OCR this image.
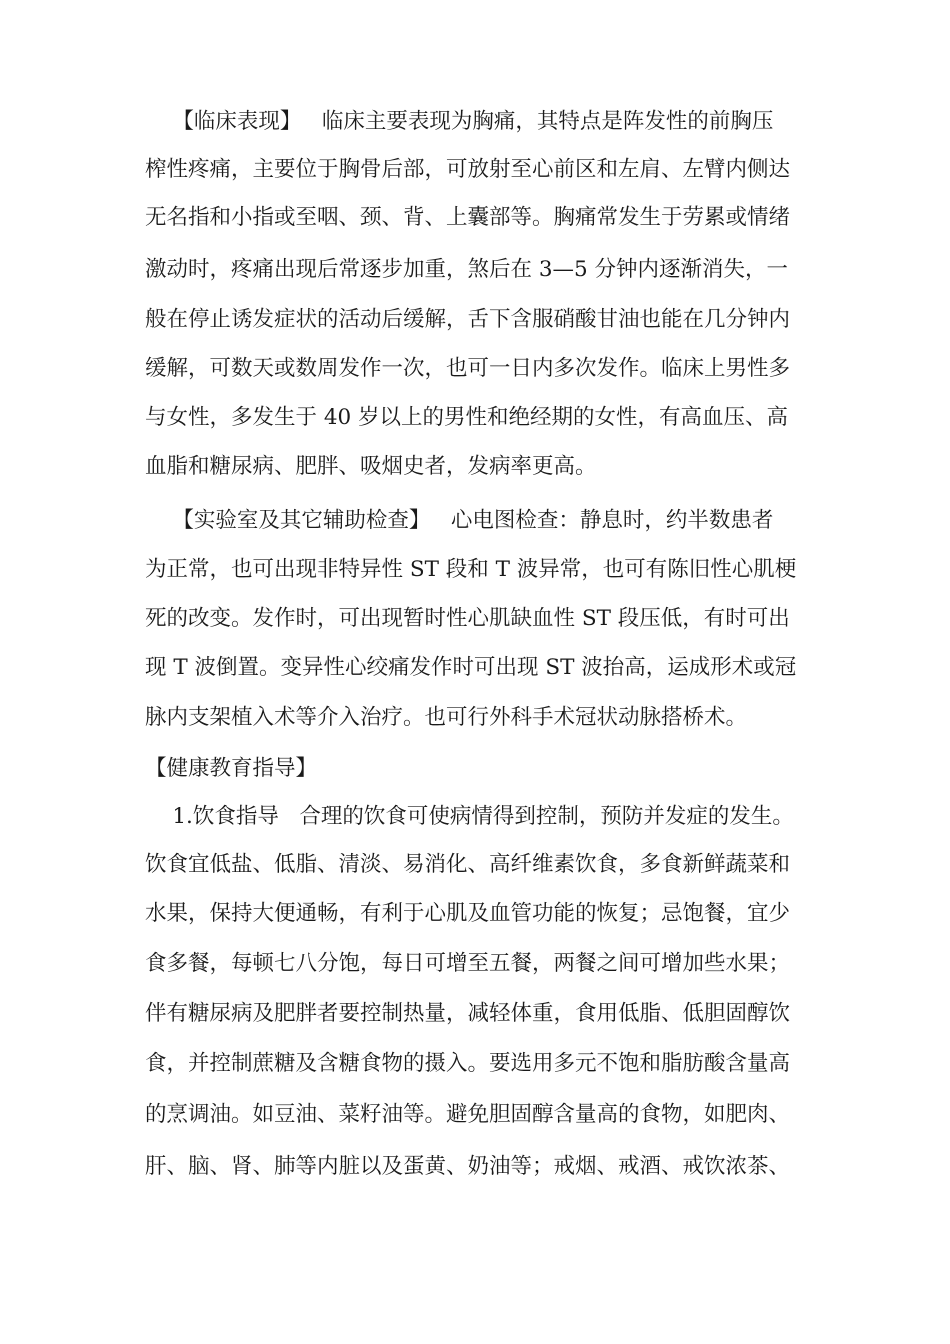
【临床表现】   临床主要表现为胸痛，其特点是阵发性的前胸压
榨性疼痛，主要位于胸骨后部，可放射至心前区和左肩、左臂内侧达
无名指和小指或至咽、颈、背、上囊部等。胸痛常发生于劳累或情绪
激动时，疼痛出现后常逐步加重，煞后在 3—5 分钟内逐渐消失，一
般在停止诱发症状的活动后缓解，舌下含服硝酸甘油也能在几分钟内
缓解，可数天或数周发作一次，也可一日内多次发作。临床上男性多
与女性，多发生于 40 岁以上的男性和绝经期的女性，有高血压、高
血脂和糖尿病、肥胖、吸烟史者，发病率更高。
【实验室及其它辅助检查】   心电图检查：静息时，约半数患者
为正常，也可出现非特异性 ST 段和 T 波异常，也可有陈旧性心肌梗
死的改变。发作时，可出现暂时性心肌缺血性 ST 段压低，有时可出
现 T 波倒置。变异性心绞痛发作时可出现 ST 波抬高，运成形术或冠
脉内支架植入术等介入治疗。也可行外科手术冠状动脉搭桥术。
【健康教育指导】
1.饮食指导   合理的饮食可使病情得到控制，预防并发症的发生。
饮食宜低盐、低脂、清淡、易消化、高纤维素饮食，多食新鲜蔬菜和
水果，保持大便通畅，有利于心肌及血管功能的恢复；忌饱餐，宜少
食多餐，每顿七八分饱，每日可增至五餐，两餐之间可增加些水果；
伴有糖尿病及肥胖者要控制热量，减轻体重，食用低脂、低胆固醇饮
食，并控制蔗糖及含糖食物的摄入。要选用多元不饱和脂肪酸含量高
的烹调油。如豆油、菜籽油等。避免胆固醇含量高的食物，如肥肉、
肝、脑、肾、肺等内脏以及蛋黄、奶油等；戒烟、戒酒、戒饮浓茶、
